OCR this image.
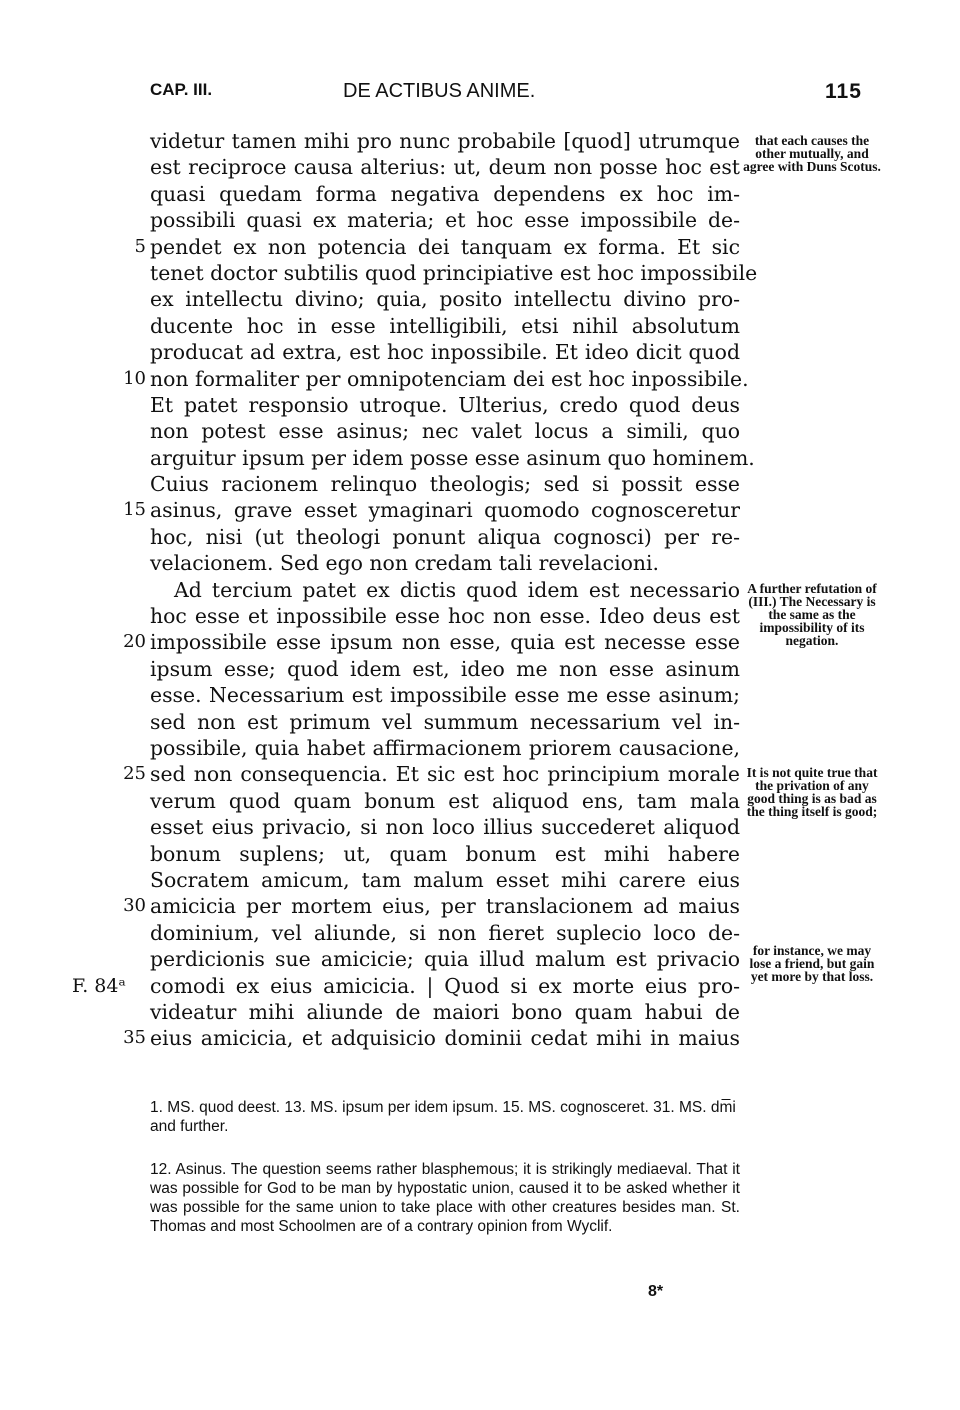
CAP. III.	DE ACTIBUS ANIME.	115
videtur tamen mihi pro nunc probabile [quod] utrumque
est reciproce causa alterius: ut, deum non posse hoc est
quasi quedam forma negativa dependens ex hoc im-
possibili quasi ex materia; et hoc esse impossibile de-
5 pendet ex non potencia dei tanquam ex forma. Et sic
tenet doctor subtilis quod principiative est hoc impossibile
ex intellectu divino; quia, posito intellectu divino pro-
ducente hoc in esse intelligibili, etsi nihil absolutum
producat ad extra, est hoc inpossibile. Et ideo dicit quod
10 non formaliter per omnipotenciam dei est hoc inpossibile.
Et patet responsio utroque. Ulterius, credo quod deus
non potest esse asinus; nec valet locus a simili, quo
arguitur ipsum per idem posse esse asinum quo hominem.
Cuius racionem relinquo theologis; sed si possit esse
15 asinus, grave esset ymaginari quomodo cognosceretur
hoc, nisi (ut theologi ponunt aliqua cognosci) per re-
velacionem. Sed ego non credam tali revelacioni.
Ad tercium patet ex dictis quod idem est necessario
hoc esse et inpossibile esse hoc non esse. Ideo deus est
20 impossibile esse ipsum non esse, quia est necesse esse
ipsum esse; quod idem est, ideo me non esse asinum
esse. Necessarium est impossibile esse me esse asinum;
sed non est primum vel summum necessarium vel in-
possibile, quia habet affirmacionem priorem causacione,
25 sed non consequencia. Et sic est hoc principium morale
verum quod quam bonum est aliquod ens, tam mala
esset eius privacio, si non loco illius succederet aliquod
bonum suplens; ut, quam bonum est mihi habere
Socratem amicum, tam malum esset mihi carere eius
30 amicicia per mortem eius, per translacionem ad maius
dominium, vel aliunde, si non fieret suplecio loco de-
perdicionis sue amicicie; quia illud malum est privacio
F. 84ᵃ comodi ex eius amicicia. | Quod si ex morte eius pro-
videatur mihi aliunde de maiori bono quam habui de
35 eius amicicia, et adquisicio dominii cedat mihi in maius
that each causes the other mutually, and agree with Duns Scotus.
A further refutation of (III.) The Necessary is the same as the impossibility of its negation.
It is not quite true that the privation of any good thing is as bad as the thing itself is good;
for instance, we may lose a friend, but gain yet more by that loss.
1. MS. quod deest. 13. MS. ipsum per idem ipsum. 15. MS. cognosceret. 31. MS. dm̅i and further.
12. Asinus. The question seems rather blasphemous; it is strikingly mediaeval. That it was possible for God to be man by hypostatic union, caused it to be asked whether it was possible for the same union to take place with other creatures besides man. St. Thomas and most Schoolmen are of a contrary opinion from Wyclif.
8*
